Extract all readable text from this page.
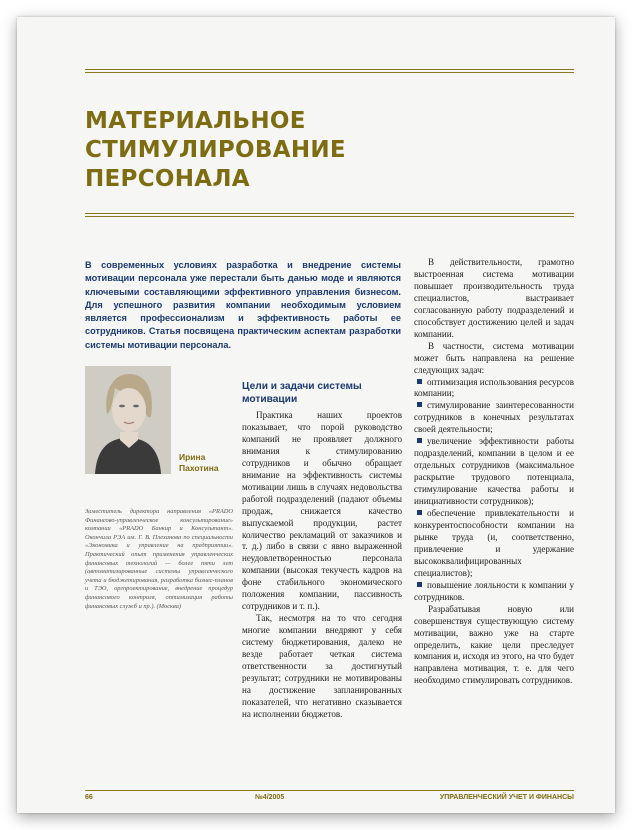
МАТЕРИАЛЬНОЕ СТИМУЛИРОВАНИЕ
ПЕРСОНАЛА
В современных условиях разработка и внедрение системы мотивации персонала уже перестали быть данью моде и являются ключевыми составляющими эффективного управления бизнесом. Для успешного развития компании необходимым условием является профессионализм и эффективность работы ее сотрудников. Статья посвящена практическим аспектам разработки системы мотивации персонала.
Ирина
Пахотина
Заместитель директора направления «PRADO Финансово-управленческое консультирование» компании «PRADO Банкир и Консультант». Окончила РЭА им. Г. В. Плеханова по специальности «Экономика и управление на предприятии». Практический опыт применения управленческих финансовых технологий — более пяти лет (автоматизированные системы управленческого учета и бюджетирования, разработка бизнес-планов и ТЭО, оргпроектирование, внедрение процедур финансового контроля, оптимизация работы финансовых служб и пр.). (Москва)
Цели и задачи системы мотивации

Практика наших проектов показывает, что порой руководство компаний не проявляет должного внимания к стимулированию сотрудников и обычно обращает внимание на эффективность системы мотивации лишь в случаях недовольства работой подразделений (падают объемы продаж, снижается качество выпускаемой продукции, растет количество рекламаций от заказчиков и т. д.) либо в связи с явно выраженной неудовлетворенностью персонала компании (высокая текучесть кадров на фоне стабильного экономического положения компании, пассивность сотрудников и т. п.).

Так, несмотря на то что сегодня многие компании внедряют у себя систему бюджетирования, далеко не везде работает четкая система ответственности за достигнутый результат; сотрудники не мотивированы на достижение запланированных показателей, что негативно сказывается на исполнении бюджетов.

В действительности, грамотно выстроенная система мотивации повышает производительность труда специалистов, выстраивает согласованную работу подразделений и способствует достижению целей и задач компании.

В частности, система мотивации может быть направлена на решение следующих задач:

оптимизация использования ресурсов компании;
стимулирование заинтересованности сотрудников в конечных результатах своей деятельности;
увеличение эффективности работы подразделений, компании в целом и ее отдельных сотрудников (максимальное раскрытие трудового потенциала, стимулирование качества работы и инициативности сотрудников);
обеспечение привлекательности и конкурентоспособности компании на рынке труда (и, соответственно, привлечение и удержание высококвалифицированных специалистов);
повышение лояльности к компании у сотрудников.

Разрабатывая новую или совершенствуя существующую систему мотивации, важно уже на старте определить, какие цели преследует компания и, исходя из этого, на что будет направлена мотивация, т. е. для чего необходимо стимулировать сотрудников.

66	№4/2005	УПРАВЛЕНЧЕСКИЙ УЧЕТ И ФИНАНСЫ
